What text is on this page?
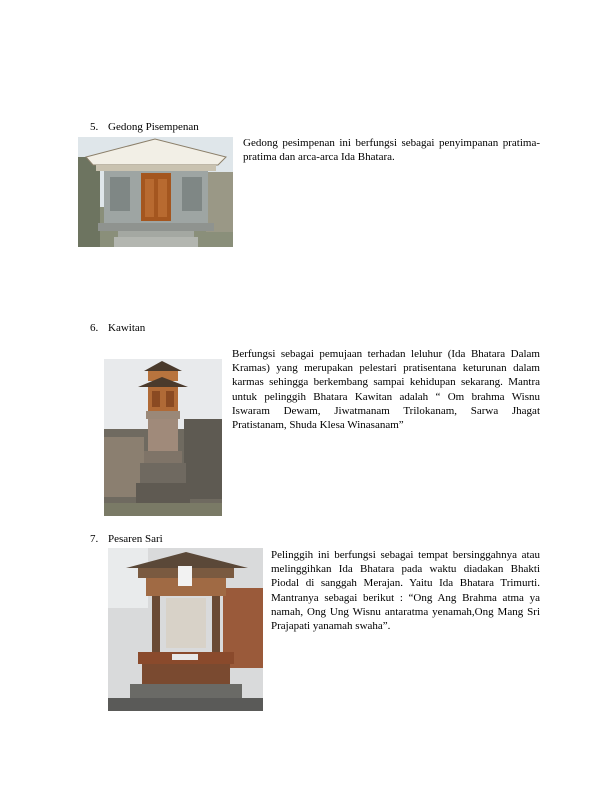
5. Gedong Pisempenan
Gedong pesimpenan ini berfungsi sebagai penyimpanan pratima-pratima dan arca-arca Ida Bhatara.
6. Kawitan
Berfungsi sebagai pemujaan terhadan leluhur (Ida Bhatara Dalam Kramas) yang merupakan pelestari pratisentana keturunan dalam karmas sehingga berkembang sampai kehidupan sekarang. Mantra untuk pelinggih Bhatara Kawitan adalah “ Om brahma Wisnu Iswaram Dewam, Jiwatmanam Trilokanam, Sarwa Jhagat Pratistanam, Shuda Klesa Winasanam”
7. Pesaren Sari
Pelinggih ini berfungsi sebagai tempat bersinggahnya atau melinggihkan Ida Bhatara pada waktu diadakan Bhakti Piodal di sanggah Merajan. Yaitu Ida Bhatara Trimurti. Mantranya sebagai berikut : “Ong Ang Brahma atma ya namah, Ong Ung Wisnu antaratma yenamah,Ong Mang Sri Prajapati yanamah swaha”.
